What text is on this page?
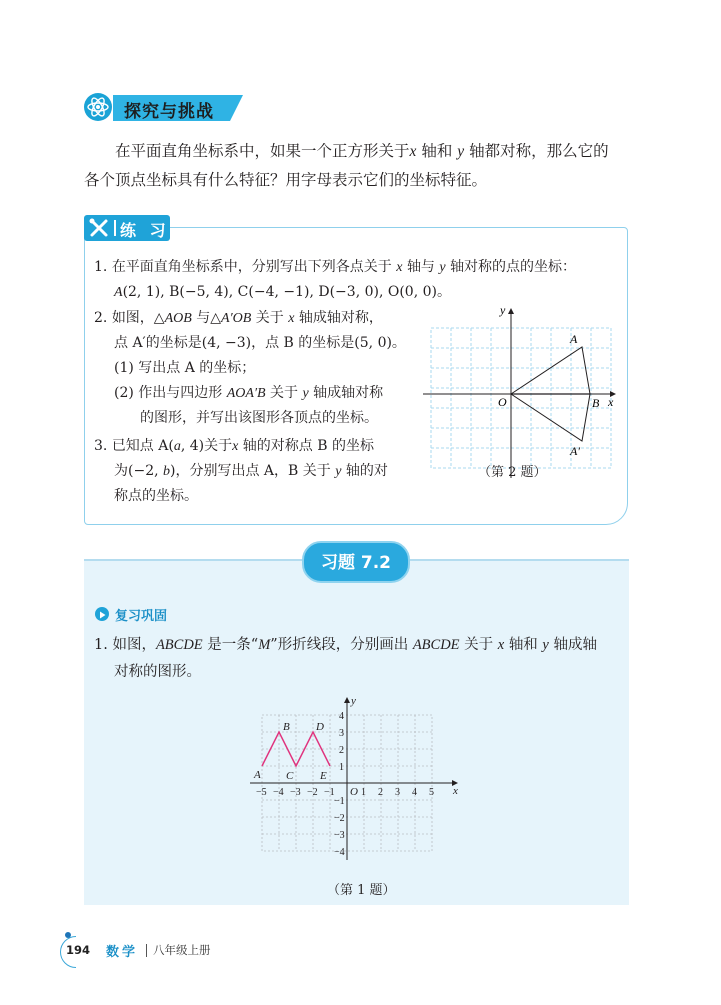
探究与挑战
在平面直角坐标系中，如果一个正方形关于x 轴和 y 轴都对称，那么它的
各个顶点坐标具有什么特征？用字母表示它们的坐标特征。
练 习
1. 在平面直角坐标系中，分别写出下列各点关于 x 轴与 y 轴对称的点的坐标：
A(2, 1), B(−5, 4), C(−4, −1), D(−3, 0), O(0, 0)。
2. 如图，△AOB 与△A′OB 关于 x 轴成轴对称，
点 A′的坐标是(4, −3)，点 B 的坐标是(5, 0)。
(1) 写出点 A 的坐标；
(2) 作出与四边形 AOA′B 关于 y 轴成轴对称
的图形，并写出该图形各顶点的坐标。
3. 已知点 A(a, 4)关于x 轴的对称点 B 的坐标
为(−2, b)，分别写出点 A，B 关于 y 轴的对
称点的坐标。
y
x
O
A
B
A′
（第 2 题）
习题 7.2
复习巩固
1. 如图，ABCDE 是一条“M”形折线段，分别画出 ABCDE 关于 x 轴和 y 轴成轴
对称的图形。
−5 −4 −3 −2 −1	1 2 3 4 5
4
3
2
1
−1
−2
−3
−4
y
x
O
A
B
C
D
E
（第 1 题）
194 数学 八年级上册
